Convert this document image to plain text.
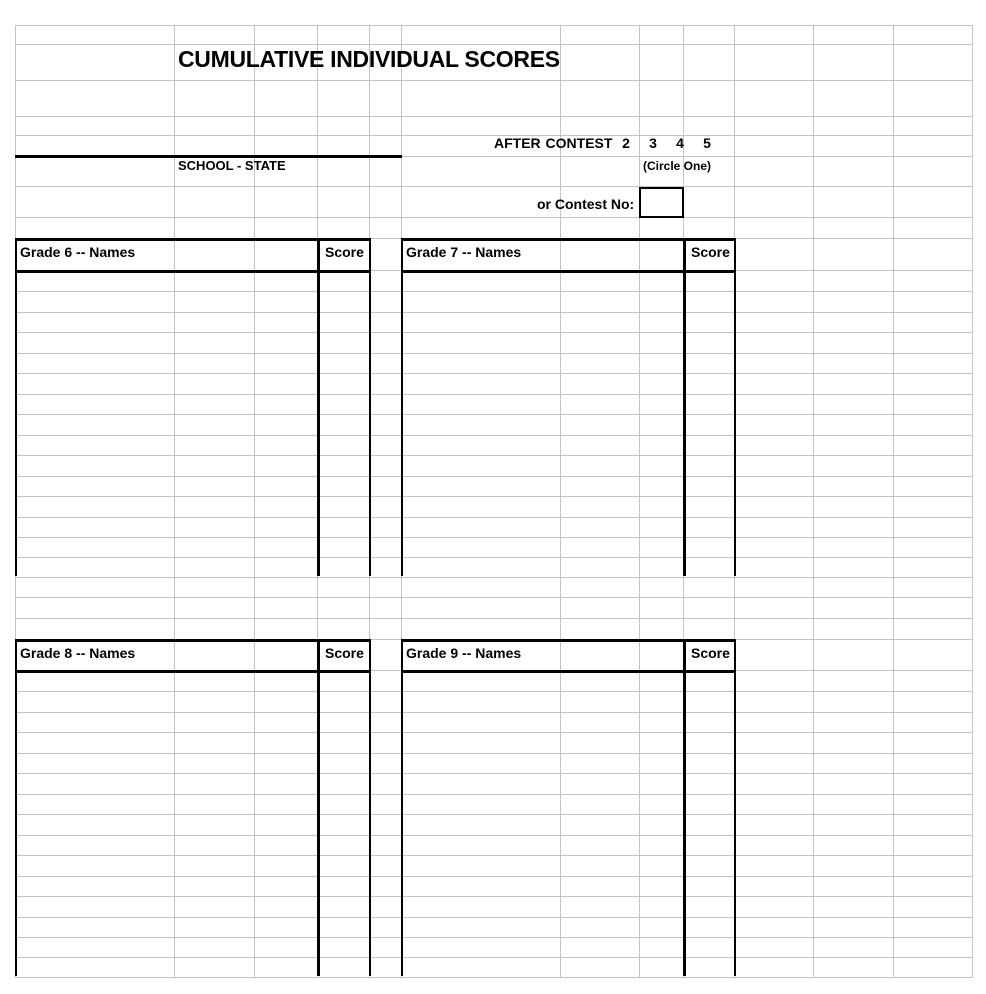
CUMULATIVE INDIVIDUAL SCORES
SCHOOL - STATE
AFTER CONTEST 2	3	4	5
(Circle One)
or Contest No:
Grade 6 -- Names	Score	Grade 7 -- Names	Score
Grade 8 -- Names	Score	Grade 9 -- Names	Score
